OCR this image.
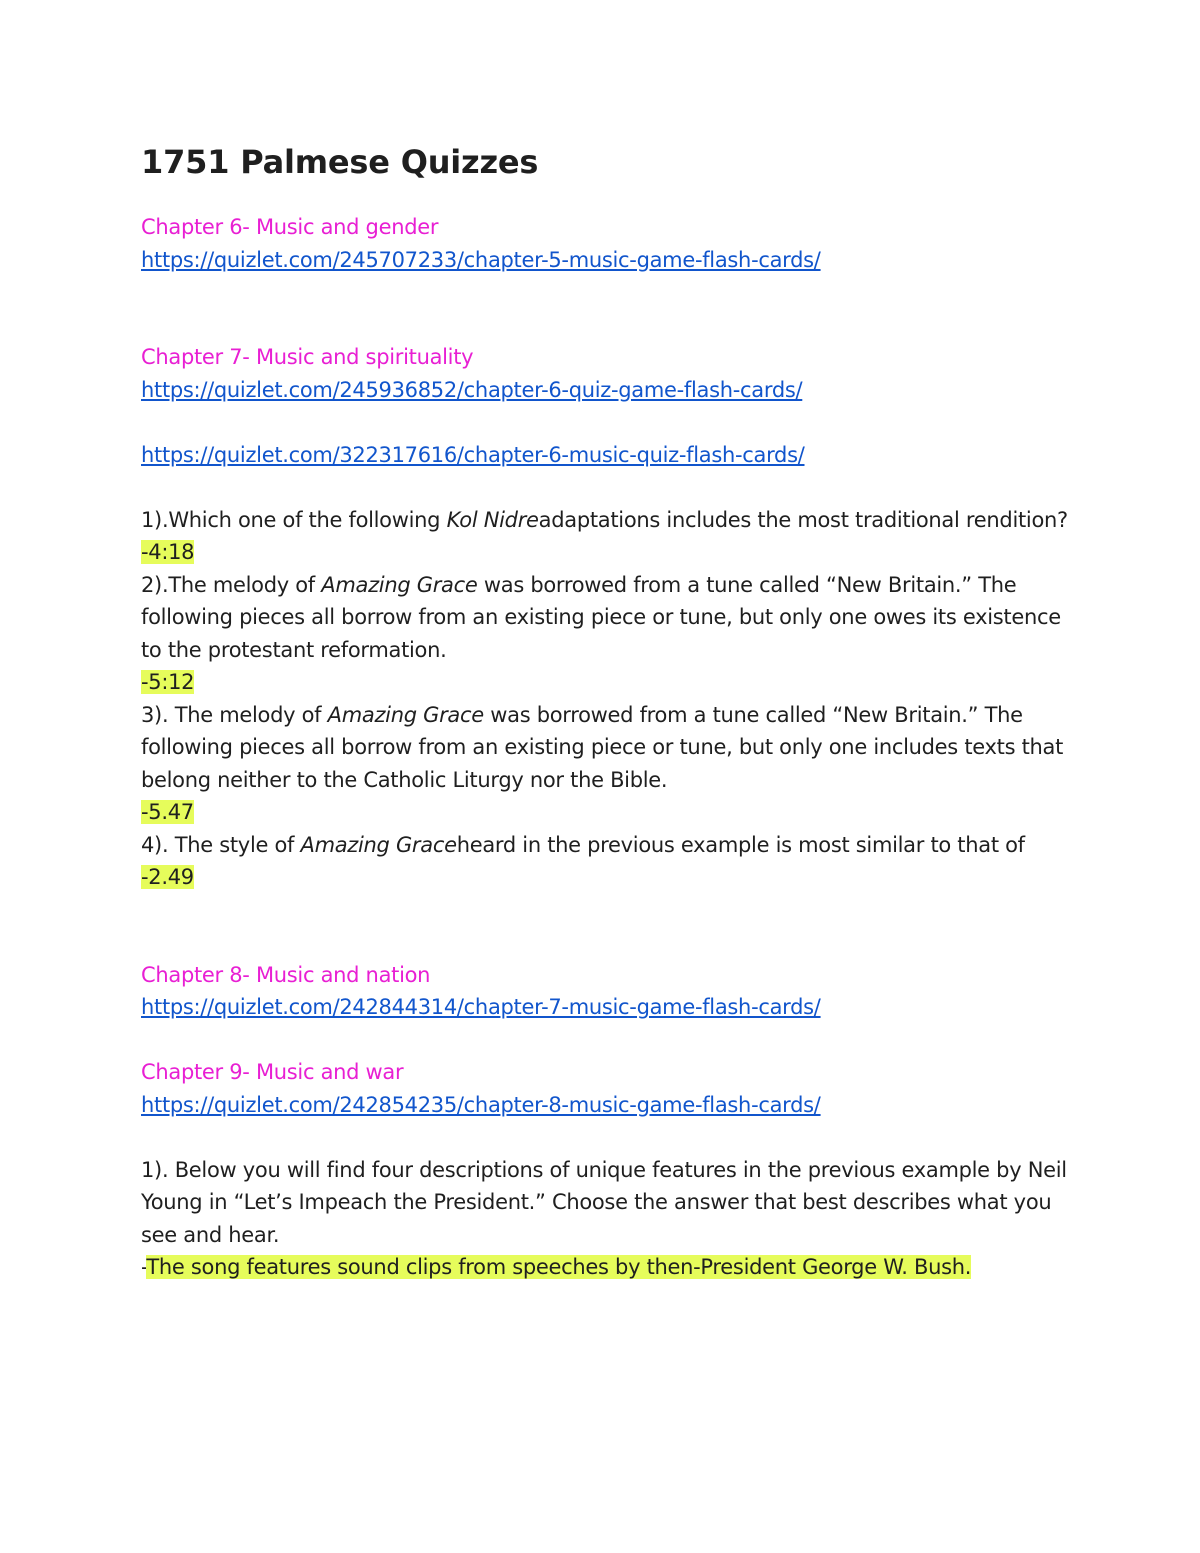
1751 Palmese Quizzes
Chapter 6- Music and gender
https://quizlet.com/245707233/chapter-5-music-game-flash-cards/
Chapter 7- Music and spirituality
https://quizlet.com/245936852/chapter-6-quiz-game-flash-cards/
https://quizlet.com/322317616/chapter-6-music-quiz-flash-cards/
1).Which one of the following Kol Nidreadaptations includes the most traditional rendition?
-4:18
2).The melody of Amazing Grace was borrowed from a tune called “New Britain.” The following pieces all borrow from an existing piece or tune, but only one owes its existence to the protestant reformation.
-5:12
3). The melody of Amazing Grace was borrowed from a tune called “New Britain.” The following pieces all borrow from an existing piece or tune, but only one includes texts that belong neither to the Catholic Liturgy nor the Bible.
-5.47
4). The style of Amazing Graceheard in the previous example is most similar to that of
-2.49
Chapter 8- Music and nation
https://quizlet.com/242844314/chapter-7-music-game-flash-cards/
Chapter 9- Music and war
https://quizlet.com/242854235/chapter-8-music-game-flash-cards/
1). Below you will find four descriptions of unique features in the previous example by Neil Young in “Let’s Impeach the President.” Choose the answer that best describes what you see and hear.
-The song features sound clips from speeches by then-President George W. Bush.
